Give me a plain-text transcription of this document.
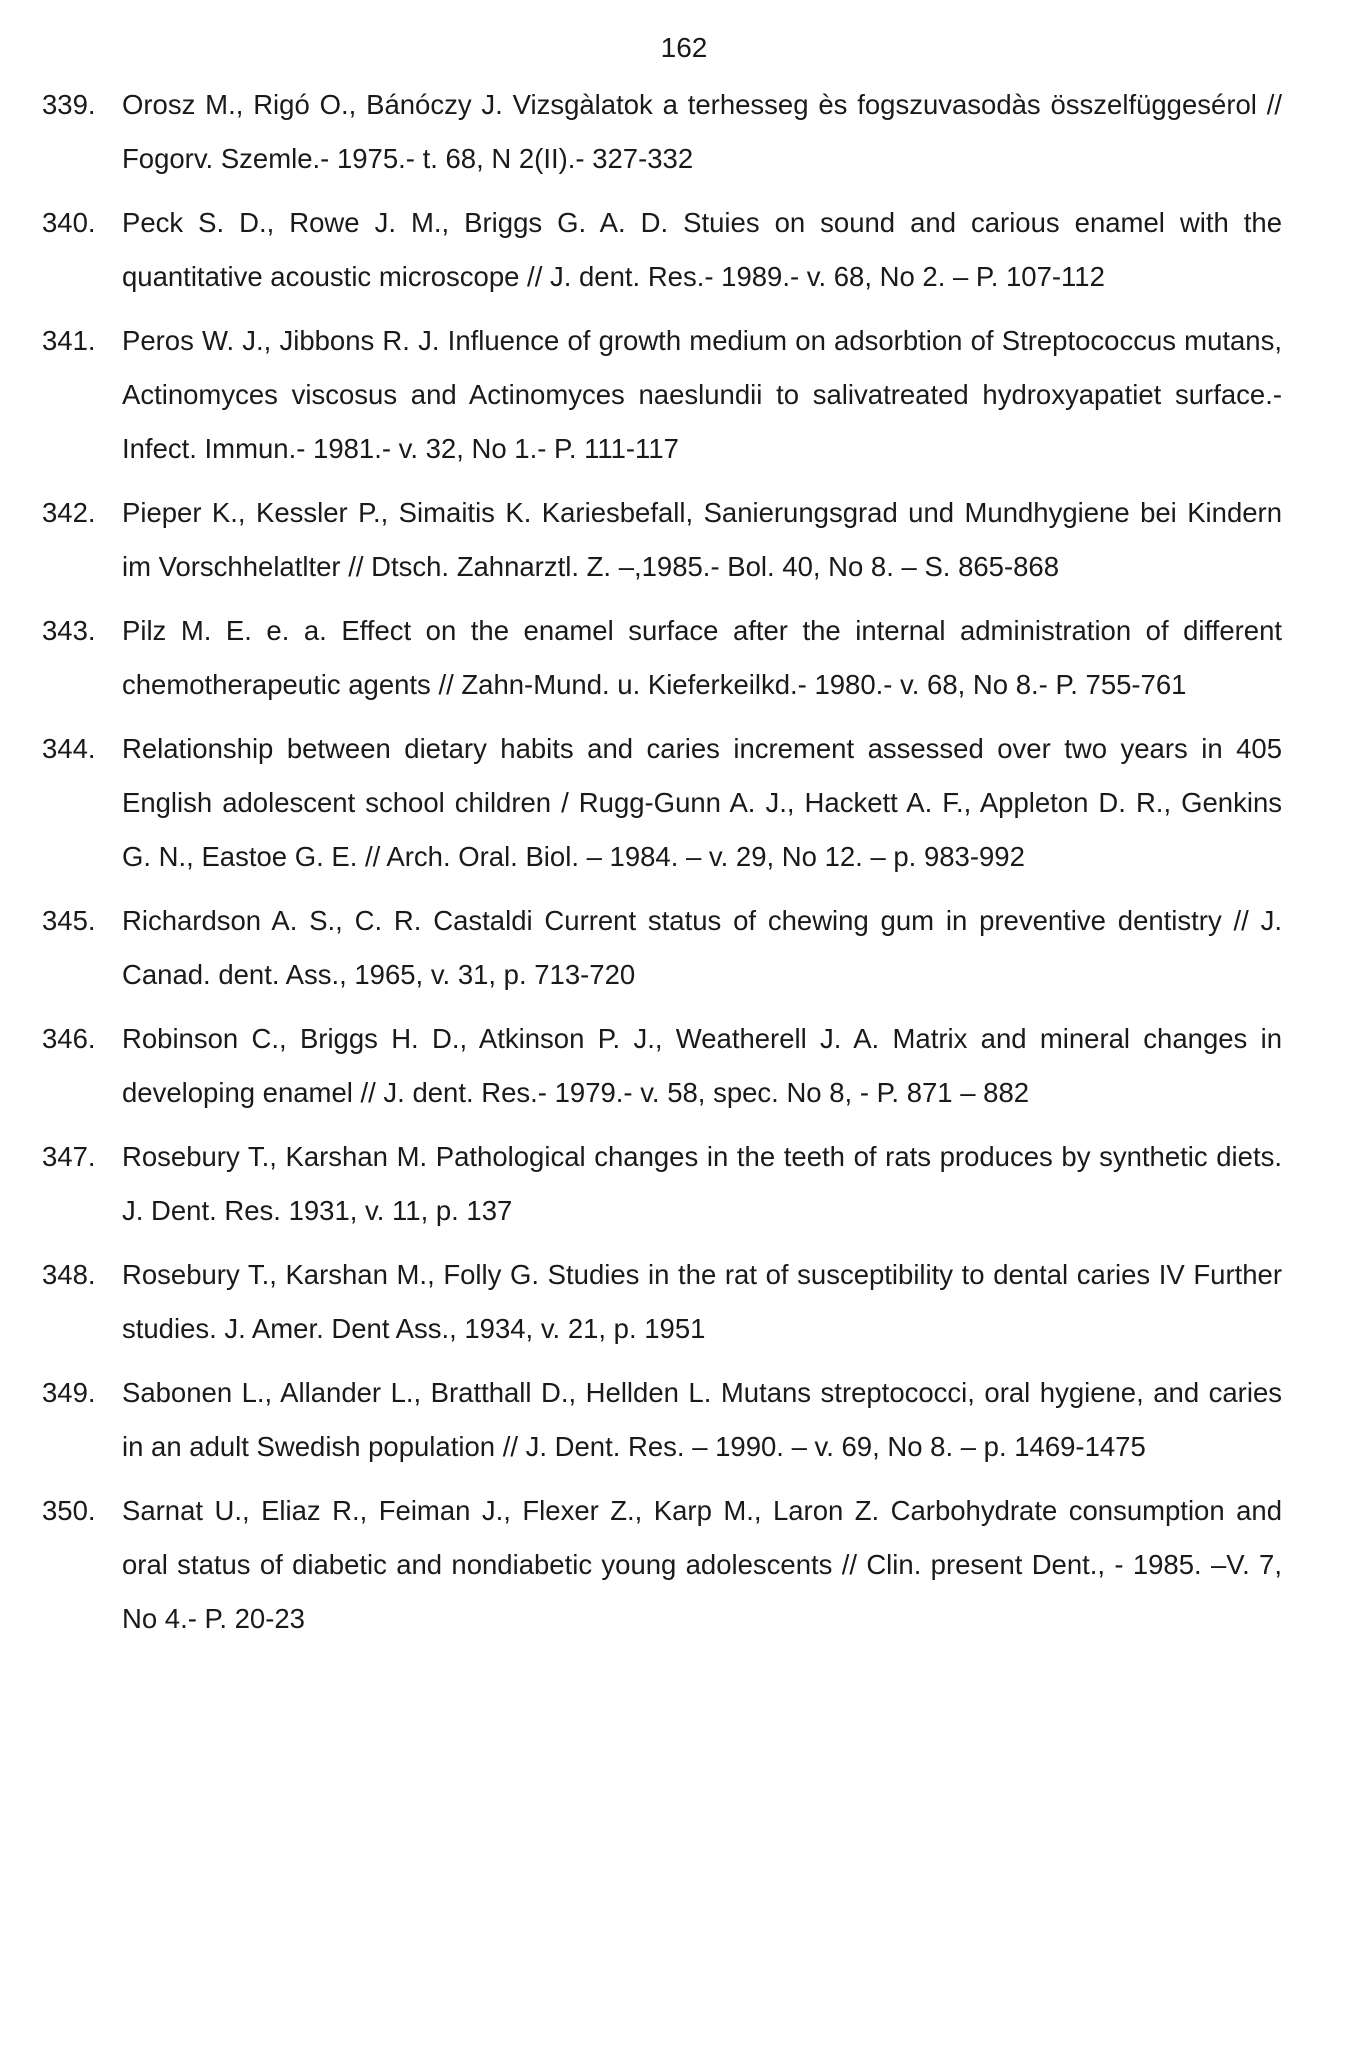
162
339. Orosz M., Rigó O., Bánóczy J. Vizsgàlatok a terhesseg ès fogszuvasodàs összelfüggesérol // Fogorv. Szemle.- 1975.- t. 68, N 2(II).- 327-332
340. Peck S. D., Rowe J. M., Briggs G. A. D. Stuies on sound and carious enamel with the quantitative acoustic microscope // J. dent. Res.- 1989.- v. 68, No 2. – P. 107-112
341. Peros W. J., Jibbons R. J. Influence of growth medium on adsorbtion of Streptococcus mutans, Actinomyces viscosus and Actinomyces naeslundii to salivatreated hydroxyapatiet surface.- Infect. Immun.- 1981.- v. 32, No 1.- P. 111-117
342. Pieper K., Kessler P., Simaitis K. Kariesbefall, Sanierungsgrad und Mundhygiene bei Kindern im Vorschhelatlter // Dtsch. Zahnarztl. Z. –,1985.- Bol. 40, No 8. – S. 865-868
343. Pilz M. E. e. a. Effect on the enamel surface after the internal administration of different chemotherapeutic agents // Zahn-Mund. u. Kieferkeilkd.- 1980.- v. 68, No 8.- P. 755-761
344. Relationship between dietary habits and caries increment assessed over two years in 405 English adolescent school children / Rugg-Gunn A. J., Hackett A. F., Appleton D. R., Genkins G. N., Eastoe G. E. // Arch. Oral. Biol. – 1984. – v. 29, No 12. – p. 983-992
345. Richardson A. S., C. R. Castaldi Current status of chewing gum in preventive dentistry // J. Canad. dent. Ass., 1965, v. 31, p. 713-720
346. Robinson C., Briggs H. D., Atkinson P. J., Weatherell J. A. Matrix and mineral changes in developing enamel // J. dent. Res.- 1979.- v. 58, spec. No 8, - P. 871 – 882
347. Rosebury T., Karshan M. Pathological changes in the teeth of rats produces by synthetic diets. J. Dent. Res. 1931, v. 11, p. 137
348. Rosebury T., Karshan M., Folly G. Studies in the rat of susceptibility to dental caries IV Further studies. J. Amer. Dent Ass., 1934, v. 21, p. 1951
349. Sabonen L., Allander L., Bratthall D., Hellden L. Mutans streptococci, oral hygiene, and caries in an adult Swedish population // J. Dent. Res. – 1990. – v. 69, No 8. – p. 1469-1475
350. Sarnat U., Eliaz R., Feiman J., Flexer Z., Karp M., Laron Z. Carbohydrate consumption and oral status of diabetic and nondiabetic young adolescents // Clin. present Dent., - 1985. –V. 7, No 4.- P. 20-23
